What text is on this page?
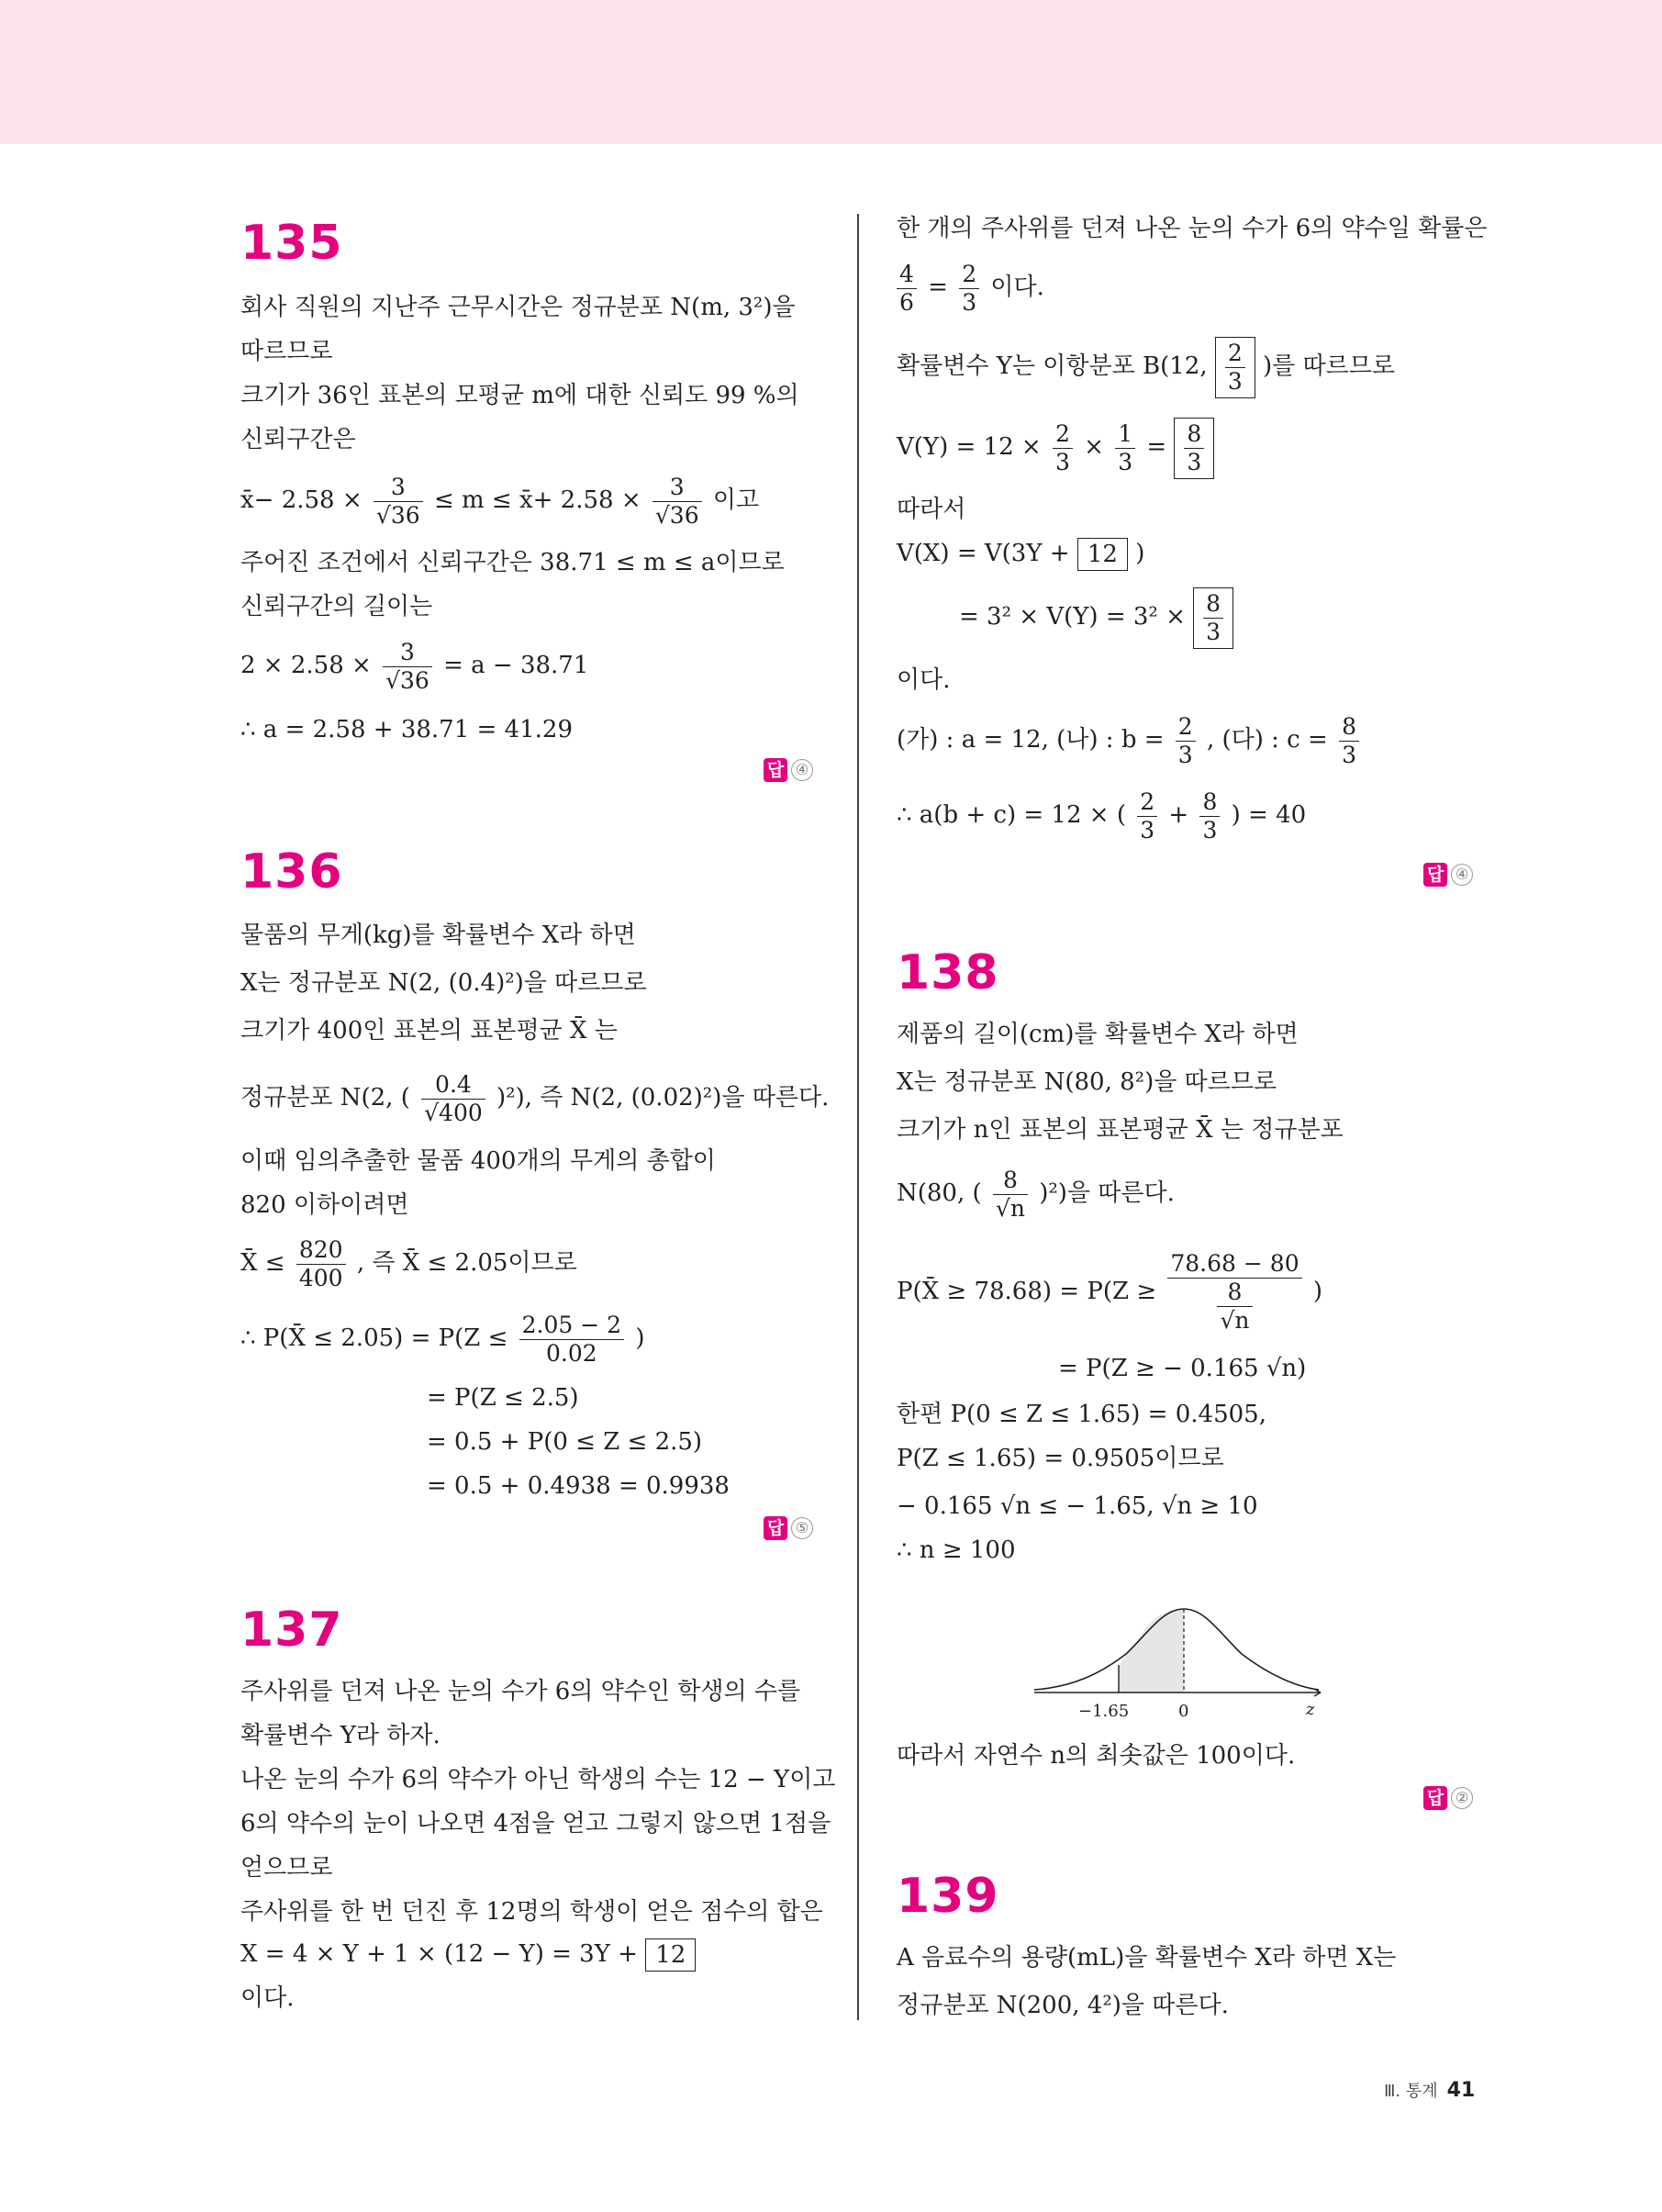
135
회사 직원의 지난주 근무시간은 정규분포 N(m, 3²)을
따르므로
크기가 36인 표본의 모평균 m에 대한 신뢰도 99 %의
신뢰구간은
x̄− $2.58 \times \frac{3}{√36} \le m$ ≤ x̄+ $2.58 \times \frac{3}{√36}$ 이고
주어진 조건에서 신뢰구간은 38.71 ≤ m ≤ a이므로
신뢰구간의 길이는
$2 \times 2.58 \times \frac{3}{√36} = a - 38.71$
∴ a = 2.58 + 38.71 = 41.29
답 ④
136
물품의 무게(kg)를 확률변수 X라 하면
X는 정규분포 N(2, (0.4)²)을 따르므로
크기가 400인 표본의 표본평균 X̄ 는
정규분포 N(2, ( $\frac{0.4}{√400} )^2$), 즉 N(2, (0.02)²)을 따른다.
이때 임의추출한 물품 400개의 무게의 총합이
820 이하이려면
X̄ ≤ $\frac{820}{400}$ , 즉 X̄ ≤ 2.05이므로
∴ P(X̄ ≤ $2.05) = P(Z \le \frac{2.05 - 2}{0.02}$ )
= P(Z ≤ 2.5)
= 0.5 + P(0 ≤ Z ≤ 2.5)
= 0.5 + 0.4938 = 0.9938
답 ⑤
137
주사위를 던져 나온 눈의 수가 6의 약수인 학생의 수를
확률변수 Y라 하자.
나온 눈의 수가 6의 약수가 아닌 학생의 수는 12 − Y이고
6의 약수의 눈이 나오면 4점을 얻고 그렇지 않으면 1점을
얻으므로
주사위를 한 번 던진 후 12명의 학생이 얻은 점수의 합은
X = 4 × Y + 1 × (12 − Y) = 3Y + 12
이다.
한 개의 주사위를 던져 나온 눈의 수가 6의 약수일 확률은
$\frac{4}{6} = \frac{2}{3}$ 이다.
확률변수 Y는 이항분포 B(12, $\frac{2}{3}$ )를 따르므로
$V(Y) = 12 \times \frac{2}{3} \times \frac{1}{3} = \frac{8}{3}$
따라서
V(X) = V(3Y + 12 )
= $3^2 \times V(Y) = 3^2 \times \frac{8}{3}$
이다.
(가) : a = 12, (나) : $b = \frac{2}{3}$ , (다) : $c = \frac{8}{3}$
∴ a(b + c) = 12 × ( $\frac{2}{3} + \frac{8}{3}$ ) = 40
답 ④
138
제품의 길이(cm)를 확률변수 X라 하면
X는 정규분포 N(80, 8²)을 따르므로
크기가 n인 표본의 표본평균 X̄ 는 정규분포
N(80, ( $\frac{8}{√n} )^2$)을 따른다.
P(X̄ ≥ $78.68) = P(Z \ge \frac{78.68 - 80}{\frac{8}{√n}}$ )
= P(Z ≥ − 0.165 √n)
한편 P(0 ≤ Z ≤ 1.65) = 0.4505,
P(Z ≤ 1.65) = 0.9505이므로
− 0.165 √n ≤ − 1.65, √n ≥ 10
∴ n ≥ 100
−1.65	0	z
따라서 자연수 n의 최솟값은 100이다.
답 ②
139
A 음료수의 용량(mL)을 확률변수 X라 하면 X는
정규분포 N(200, 4²)을 따른다.
Ⅲ. 통계 41
